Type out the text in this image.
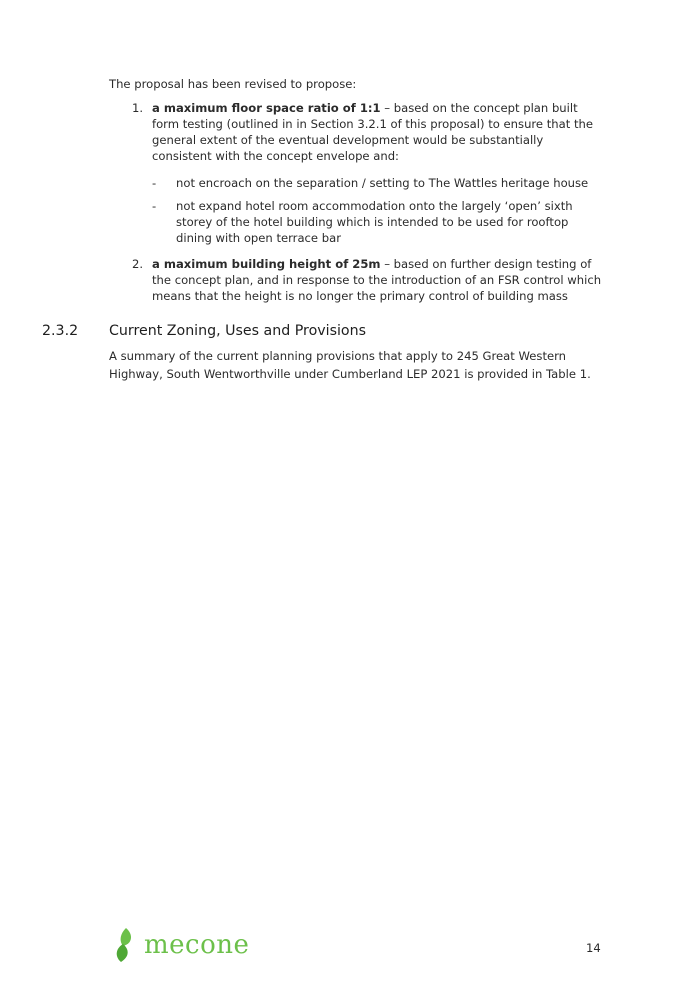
The proposal has been revised to propose:

1. a maximum floor space ratio of 1:1 – based on the concept plan built form testing (outlined in in Section 3.2.1 of this proposal) to ensure that the general extent of the eventual development would be substantially consistent with the concept envelope and:
- not encroach on the separation / setting to The Wattles heritage house
- not expand hotel room accommodation onto the largely ‘open’ sixth storey of the hotel building which is intended to be used for rooftop dining with open terrace bar
2. a maximum building height of 25m – based on further design testing of the concept plan, and in response to the introduction of an FSR control which means that the height is no longer the primary control of building mass
2.3.2 Current Zoning, Uses and Provisions

A summary of the current planning provisions that apply to 245 Great Western Highway, South Wentworthville under Cumberland LEP 2021 is provided in Table 1.

mecone	14
